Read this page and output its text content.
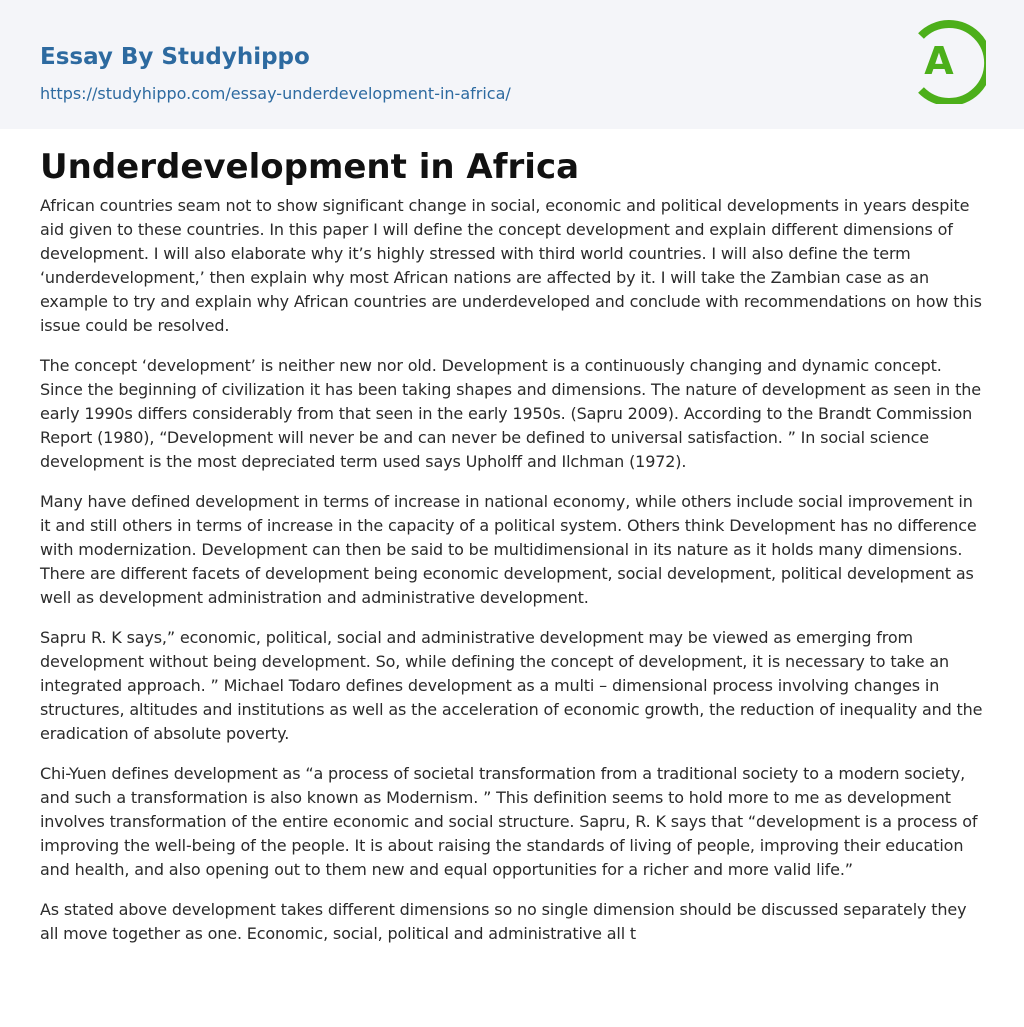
Essay By Studyhippo
https://studyhippo.com/essay-underdevelopment-in-africa/
A
Underdevelopment in Africa

African countries seam not to show significant change in social, economic and political developments in years despite aid given to these countries. In this paper I will define the concept development and explain different dimensions of development. I will also elaborate why it’s highly stressed with third world countries. I will also define the term ‘underdevelopment,’ then explain why most African nations are affected by it. I will take the Zambian case as an example to try and explain why African countries are underdeveloped and conclude with recommendations on how this issue could be resolved.

The concept ‘development’ is neither new nor old. Development is a continuously changing and dynamic concept. Since the beginning of civilization it has been taking shapes and dimensions. The nature of development as seen in the early 1990s differs considerably from that seen in the early 1950s. (Sapru 2009). According to the Brandt Commission Report (1980), “Development will never be and can never be defined to universal satisfaction. ” In social science development is the most depreciated term used says Upholff and Ilchman (1972).

Many have defined development in terms of increase in national economy, while others include social improvement in it and still others in terms of increase in the capacity of a political system. Others think Development has no difference with modernization. Development can then be said to be multidimensional in its nature as it holds many dimensions. There are different facets of development being economic development, social development, political development as well as development administration and administrative development.

Sapru R. K says,” economic, political, social and administrative development may be viewed as emerging from development without being development. So, while defining the concept of development, it is necessary to take an integrated approach. ” Michael Todaro defines development as a multi – dimensional process involving changes in structures, altitudes and institutions as well as the acceleration of economic growth, the reduction of inequality and the eradication of absolute poverty.

Chi-Yuen defines development as “a process of societal transformation from a traditional society to a modern society, and such a transformation is also known as Modernism. ” This definition seems to hold more to me as development involves transformation of the entire economic and social structure. Sapru, R. K says that “development is a process of improving the well-being of the people. It is about raising the standards of living of people, improving their education and health, and also opening out to them new and equal opportunities for a richer and more valid life.”

As stated above development takes different dimensions so no single dimension should be discussed separately they all move together as one. Economic, social, political and administrative all t
